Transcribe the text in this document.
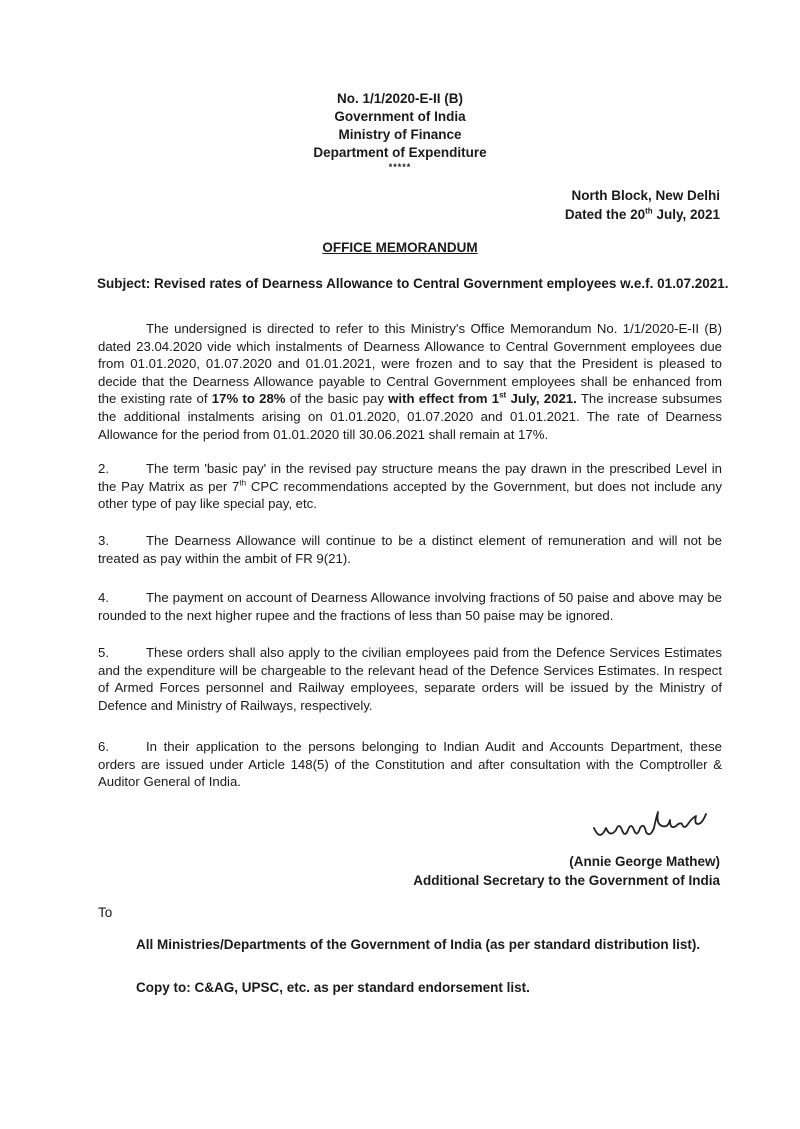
No. 1/1/2020-E-II (B)
Government of India
Ministry of Finance
Department of Expenditure
*****
North Block, New Delhi
Dated the 20th July, 2021
OFFICE MEMORANDUM
Subject: Revised rates of Dearness Allowance to Central Government employees w.e.f. 01.07.2021.
The undersigned is directed to refer to this Ministry's Office Memorandum No. 1/1/2020-E-II (B) dated 23.04.2020 vide which instalments of Dearness Allowance to Central Government employees due from 01.01.2020, 01.07.2020 and 01.01.2021, were frozen and to say that the President is pleased to decide that the Dearness Allowance payable to Central Government employees shall be enhanced from the existing rate of 17% to 28% of the basic pay with effect from 1st July, 2021. The increase subsumes the additional instalments arising on 01.01.2020, 01.07.2020 and 01.01.2021. The rate of Dearness Allowance for the period from 01.01.2020 till 30.06.2021 shall remain at 17%.
2.	The term 'basic pay' in the revised pay structure means the pay drawn in the prescribed Level in the Pay Matrix as per 7th CPC recommendations accepted by the Government, but does not include any other type of pay like special pay, etc.
3.	The Dearness Allowance will continue to be a distinct element of remuneration and will not be treated as pay within the ambit of FR 9(21).
4.	The payment on account of Dearness Allowance involving fractions of 50 paise and above may be rounded to the next higher rupee and the fractions of less than 50 paise may be ignored.
5.	These orders shall also apply to the civilian employees paid from the Defence Services Estimates and the expenditure will be chargeable to the relevant head of the Defence Services Estimates. In respect of Armed Forces personnel and Railway employees, separate orders will be issued by the Ministry of Defence and Ministry of Railways, respectively.
6.	In their application to the persons belonging to Indian Audit and Accounts Department, these orders are issued under Article 148(5) of the Constitution and after consultation with the Comptroller & Auditor General of India.
(Annie George Mathew)
Additional Secretary to the Government of India
To
All Ministries/Departments of the Government of India (as per standard distribution list).
Copy to: C&AG, UPSC, etc. as per standard endorsement list.
